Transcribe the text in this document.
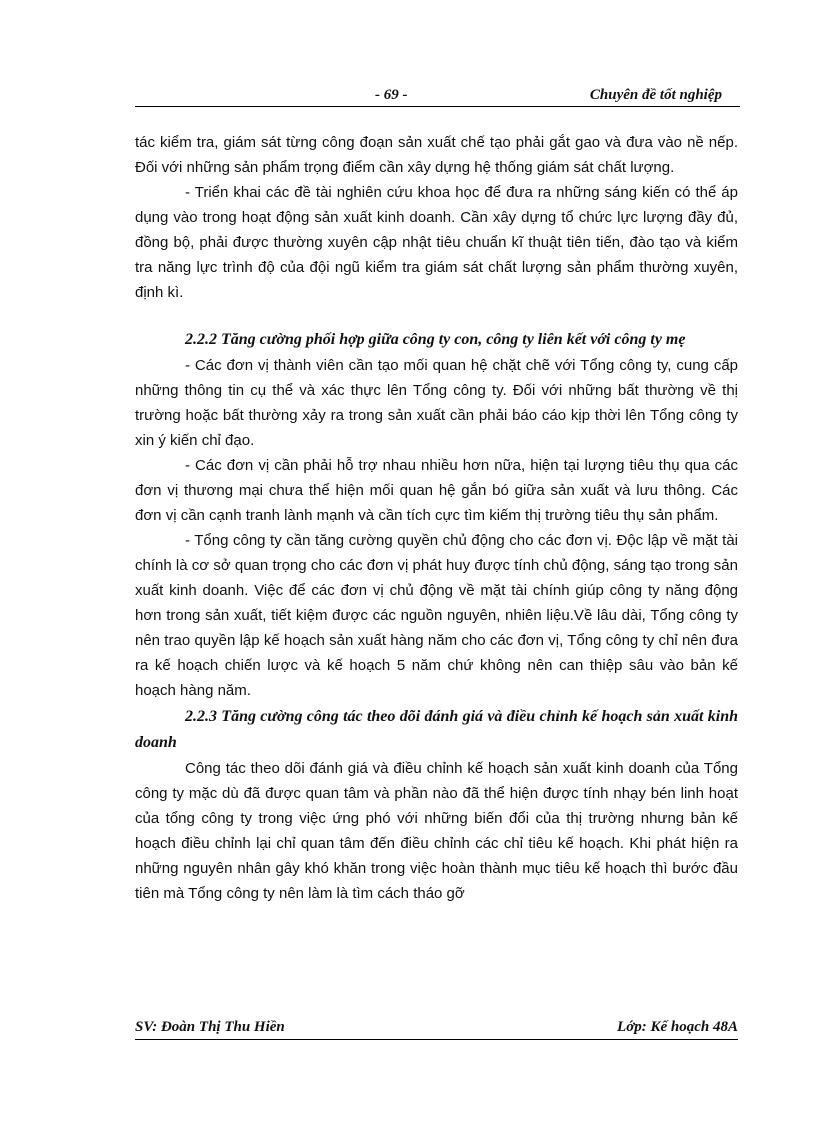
- 69 -	Chuyên đề tốt nghiệp

tác kiểm tra, giám sát từng công đoạn sản xuất chế tạo phải gắt gao và đưa vào nề nếp. Đối với những sản phẩm trọng điểm cần xây dựng hệ thống giám sát chất lượng.

- Triển khai các đề tài nghiên cứu khoa học để đưa ra những sáng kiến có thể áp dụng vào trong hoạt động sản xuất kinh doanh. Cần xây dựng tổ chức lực lượng đầy đủ, đồng bộ, phải được thường xuyên cập nhật tiêu chuẩn kĩ thuật tiên tiến, đào tạo và kiểm tra năng lực trình độ của đội ngũ kiểm tra giám sát chất lượng sản phẩm thường xuyên, định kì.

2.2.2 Tăng cường phối hợp giữa công ty con, công ty liên kết với công ty mẹ

- Các đơn vị thành viên cần tạo mối quan hệ chặt chẽ với Tổng công ty, cung cấp những thông tin cụ thể và xác thực lên Tổng công ty. Đối với những bất thường về thị trường hoặc bất thường xảy ra trong sản xuất cần phải báo cáo kịp thời lên Tổng công ty xin ý kiến chỉ đạo.

- Các đơn vị cần phải hỗ trợ nhau nhiều hơn nữa, hiện tại lượng tiêu thụ qua các đơn vị thương mại chưa thể hiện mối quan hệ gắn bó giữa sản xuất và lưu thông. Các đơn vị cần cạnh tranh lành mạnh và cần tích cực tìm kiếm thị trường tiêu thụ sản phẩm.

- Tổng công ty cần tăng cường quyền chủ động cho các đơn vị. Độc lập về mặt tài chính là cơ sở quan trọng cho các đơn vị phát huy được tính chủ động, sáng tạo trong sản xuất kinh doanh. Việc để các đơn vị chủ động về mặt tài chính giúp công ty năng động hơn trong sản xuất, tiết kiệm được các nguồn nguyên, nhiên liệu.Về lâu dài, Tổng công ty nên trao quyền lập kế hoạch sản xuất hàng năm cho các đơn vị, Tổng công ty chỉ nên đưa ra kế hoạch chiến lược và kế hoạch 5 năm chứ không nên can thiệp sâu vào bản kế hoạch hàng năm.

2.2.3 Tăng cường công tác theo dõi đánh giá và điều chỉnh kế hoạch sản xuất kinh doanh

Công tác theo dõi đánh giá và điều chỉnh kế hoạch sản xuất kinh doanh của Tổng công ty mặc dù đã được quan tâm và phần nào đã thể hiện được tính nhạy bén linh hoạt của tổng công ty trong việc ứng phó với những biến đổi của thị trường nhưng bản kế hoạch điều chỉnh lại chỉ quan tâm đến điều chỉnh các chỉ tiêu kế hoạch. Khi phát hiện ra những nguyên nhân gây khó khăn trong việc hoàn thành mục tiêu kế hoạch thì bước đầu tiên mà Tổng công ty nên làm là tìm cách tháo gỡ

SV: Đoàn Thị Thu Hiền	Lớp: Kế hoạch 48A
